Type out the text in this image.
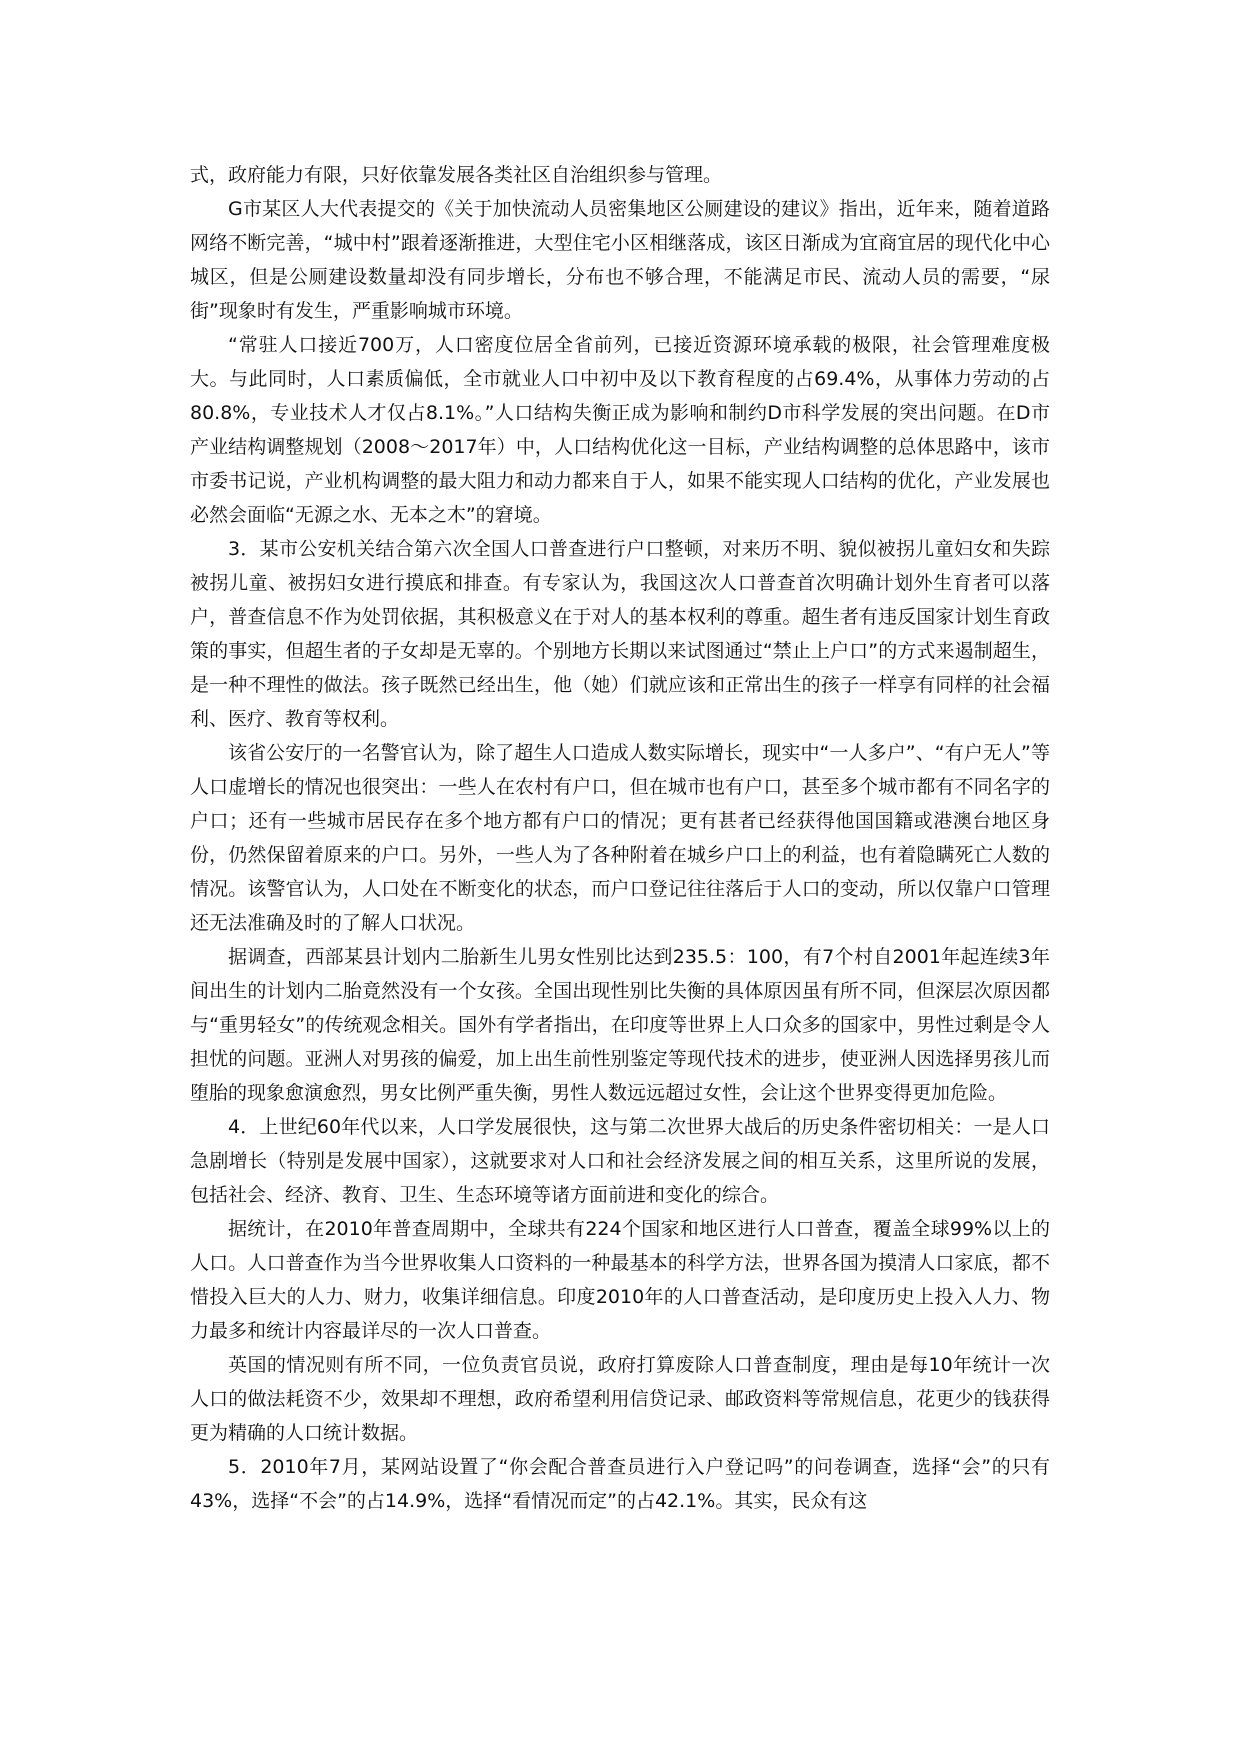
式，政府能力有限，只好依靠发展各类社区自治组织参与管理。

G市某区人大代表提交的《关于加快流动人员密集地区公厕建设的建议》指出，近年来，随着道路网络不断完善，“城中村”跟着逐渐推进，大型住宅小区相继落成，该区日渐成为宜商宜居的现代化中心城区，但是公厕建设数量却没有同步增长，分布也不够合理，不能满足市民、流动人员的需要，“尿街”现象时有发生，严重影响城市环境。

“常驻人口接近700万，人口密度位居全省前列，已接近资源环境承载的极限，社会管理难度极大。与此同时，人口素质偏低，全市就业人口中初中及以下教育程度的占69.4%，从事体力劳动的占80.8%，专业技术人才仅占8.1%。”人口结构失衡正成为影响和制约D市科学发展的突出问题。在D市产业结构调整规划（2008～2017年）中，人口结构优化这一目标，产业结构调整的总体思路中，该市市委书记说，产业机构调整的最大阻力和动力都来自于人，如果不能实现人口结构的优化，产业发展也必然会面临“无源之水、无本之木”的窘境。

3．某市公安机关结合第六次全国人口普查进行户口整顿，对来历不明、貌似被拐儿童妇女和失踪被拐儿童、被拐妇女进行摸底和排查。有专家认为，我国这次人口普查首次明确计划外生育者可以落户，普查信息不作为处罚依据，其积极意义在于对人的基本权利的尊重。超生者有违反国家计划生育政策的事实，但超生者的子女却是无辜的。个别地方长期以来试图通过“禁止上户口”的方式来遏制超生，是一种不理性的做法。孩子既然已经出生，他（她）们就应该和正常出生的孩子一样享有同样的社会福利、医疗、教育等权利。

该省公安厅的一名警官认为，除了超生人口造成人数实际增长，现实中“一人多户”、“有户无人”等人口虚增长的情况也很突出：一些人在农村有户口，但在城市也有户口，甚至多个城市都有不同名字的户口；还有一些城市居民存在多个地方都有户口的情况；更有甚者已经获得他国国籍或港澳台地区身份，仍然保留着原来的户口。另外，一些人为了各种附着在城乡户口上的利益，也有着隐瞒死亡人数的情况。该警官认为，人口处在不断变化的状态，而户口登记往往落后于人口的变动，所以仅靠户口管理还无法准确及时的了解人口状况。

据调查，西部某县计划内二胎新生儿男女性别比达到235.5：100，有7个村自2001年起连续3年间出生的计划内二胎竟然没有一个女孩。全国出现性别比失衡的具体原因虽有所不同，但深层次原因都与“重男轻女”的传统观念相关。国外有学者指出，在印度等世界上人口众多的国家中，男性过剩是令人担忧的问题。亚洲人对男孩的偏爱，加上出生前性别鉴定等现代技术的进步，使亚洲人因选择男孩儿而堕胎的现象愈演愈烈，男女比例严重失衡，男性人数远远超过女性，会让这个世界变得更加危险。

4．上世纪60年代以来，人口学发展很快，这与第二次世界大战后的历史条件密切相关：一是人口急剧增长（特别是发展中国家），这就要求对人口和社会经济发展之间的相互关系，这里所说的发展，包括社会、经济、教育、卫生、生态环境等诸方面前进和变化的综合。

据统计，在2010年普查周期中，全球共有224个国家和地区进行人口普查，覆盖全球99%以上的人口。人口普查作为当今世界收集人口资料的一种最基本的科学方法，世界各国为摸清人口家底，都不惜投入巨大的人力、财力，收集详细信息。印度2010年的人口普查活动，是印度历史上投入人力、物力最多和统计内容最详尽的一次人口普查。

英国的情况则有所不同，一位负责官员说，政府打算废除人口普查制度，理由是每10年统计一次人口的做法耗资不少，效果却不理想，政府希望利用信贷记录、邮政资料等常规信息，花更少的钱获得更为精确的人口统计数据。

5．2010年7月，某网站设置了“你会配合普查员进行入户登记吗”的问卷调查，选择“会”的只有43%，选择“不会”的占14.9%，选择“看情况而定”的占42.1%。其实，民众有这
